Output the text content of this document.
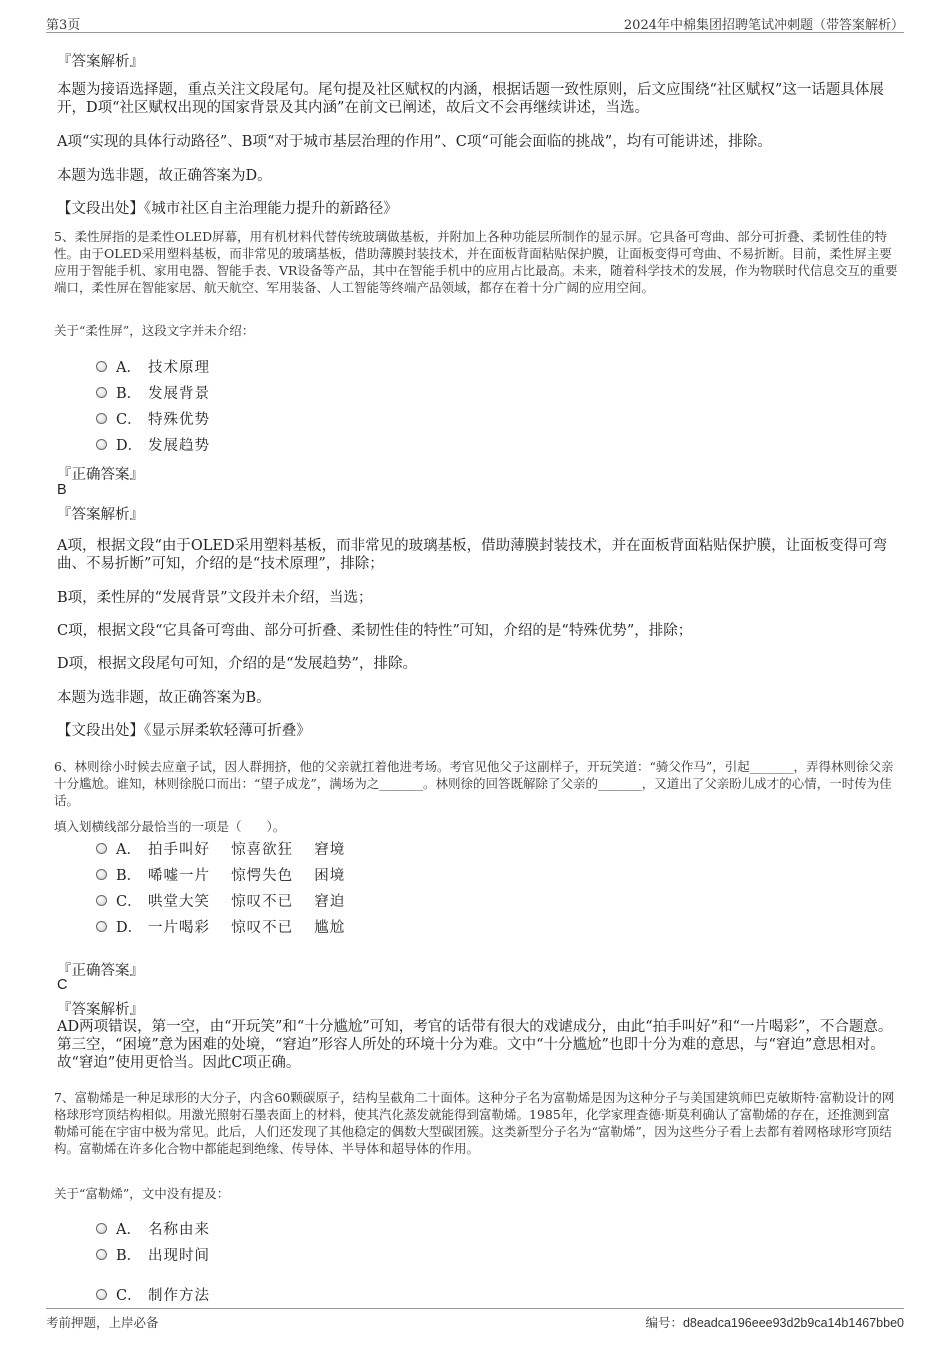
第3页	2024年中棉集团招聘笔试冲刺题（带答案解析）
『答案解析』
本题为接语选择题，重点关注文段尾句。尾句提及社区赋权的内涵，根据话题一致性原则，后文应围绕“社区赋权”这一话题具体展开，D项“社区赋权出现的国家背景及其内涵”在前文已阐述，故后文不会再继续讲述，当选。
A项“实现的具体行动路径”、B项“对于城市基层治理的作用”、C项“可能会面临的挑战”，均有可能讲述，排除。
本题为选非题，故正确答案为D。
【文段出处】《城市社区自主治理能力提升的新路径》
5、柔性屏指的是柔性OLED屏幕，用有机材料代替传统玻璃做基板，并附加上各种功能层所制作的显示屏。它具备可弯曲、部分可折叠、柔韧性佳的特性。由于OLED采用塑料基板，而非常见的玻璃基板，借助薄膜封装技术，并在面板背面粘贴保护膜，让面板变得可弯曲、不易折断。目前，柔性屏主要应用于智能手机、家用电器、智能手表、VR设备等产品，其中在智能手机中的应用占比最高。未来，随着科学技术的发展，作为物联时代信息交互的重要端口，柔性屏在智能家居、航天航空、军用装备、人工智能等终端产品领域，都存在着十分广阔的应用空间。
关于“柔性屏”，这段文字并未介绍：
A． 技术原理
B． 发展背景
C． 特殊优势
D． 发展趋势
『正确答案』
B
『答案解析』
A项，根据文段“由于OLED采用塑料基板，而非常见的玻璃基板，借助薄膜封装技术，并在面板背面粘贴保护膜，让面板变得可弯曲、不易折断”可知，介绍的是“技术原理”，排除；
B项，柔性屏的“发展背景”文段并未介绍，当选；
C项，根据文段“它具备可弯曲、部分可折叠、柔韧性佳的特性”可知，介绍的是“特殊优势”，排除；
D项，根据文段尾句可知，介绍的是“发展趋势”，排除。
本题为选非题，故正确答案为B。
【文段出处】《显示屏柔软轻薄可折叠》
6、林则徐小时候去应童子试，因人群拥挤，他的父亲就扛着他进考场。考官见他父子这副样子，开玩笑道：“骑父作马”，引起_______，弄得林则徐父亲十分尴尬。谁知，林则徐脱口而出：“望子成龙”，满场为之_______。林则徐的回答既解除了父亲的_______，又道出了父亲盼儿成才的心情，一时传为佳话。
填入划横线部分最恰当的一项是（　　）。
A． 拍手叫好　 惊喜欲狂　 窘境
B． 唏嘘一片　 惊愕失色　 困境
C． 哄堂大笑　 惊叹不已　 窘迫
D． 一片喝彩　 惊叹不已　 尴尬
『正确答案』
C
『答案解析』
AD两项错误，第一空，由“开玩笑”和“十分尴尬”可知，考官的话带有很大的戏谑成分，由此“拍手叫好”和“一片喝彩”，不合题意。第三空，“困境”意为困难的处境，“窘迫”形容人所处的环境十分为难。文中“十分尴尬”也即十分为难的意思，与“窘迫”意思相对。故“窘迫”使用更恰当。因此C项正确。
7、富勒烯是一种足球形的大分子，内含60颗碳原子，结构呈截角二十面体。这种分子名为富勒烯是因为这种分子与美国建筑师巴克敏斯特·富勒设计的网格球形穹顶结构相似。用激光照射石墨表面上的材料，使其汽化蒸发就能得到富勒烯。1985年，化学家理查德·斯莫利确认了富勒烯的存在，还推测到富勒烯可能在宇宙中极为常见。此后，人们还发现了其他稳定的偶数大型碳团簇。这类新型分子名为“富勒烯”，因为这些分子看上去都有着网格球形穹顶结构。富勒烯在许多化合物中都能起到绝缘、传导体、半导体和超导体的作用。
关于“富勒烯”，文中没有提及：
A． 名称由来
B． 出现时间
C． 制作方法
考前押题，上岸必备	编号：d8eadca196eee93d2b9ca14b1467bbe0
